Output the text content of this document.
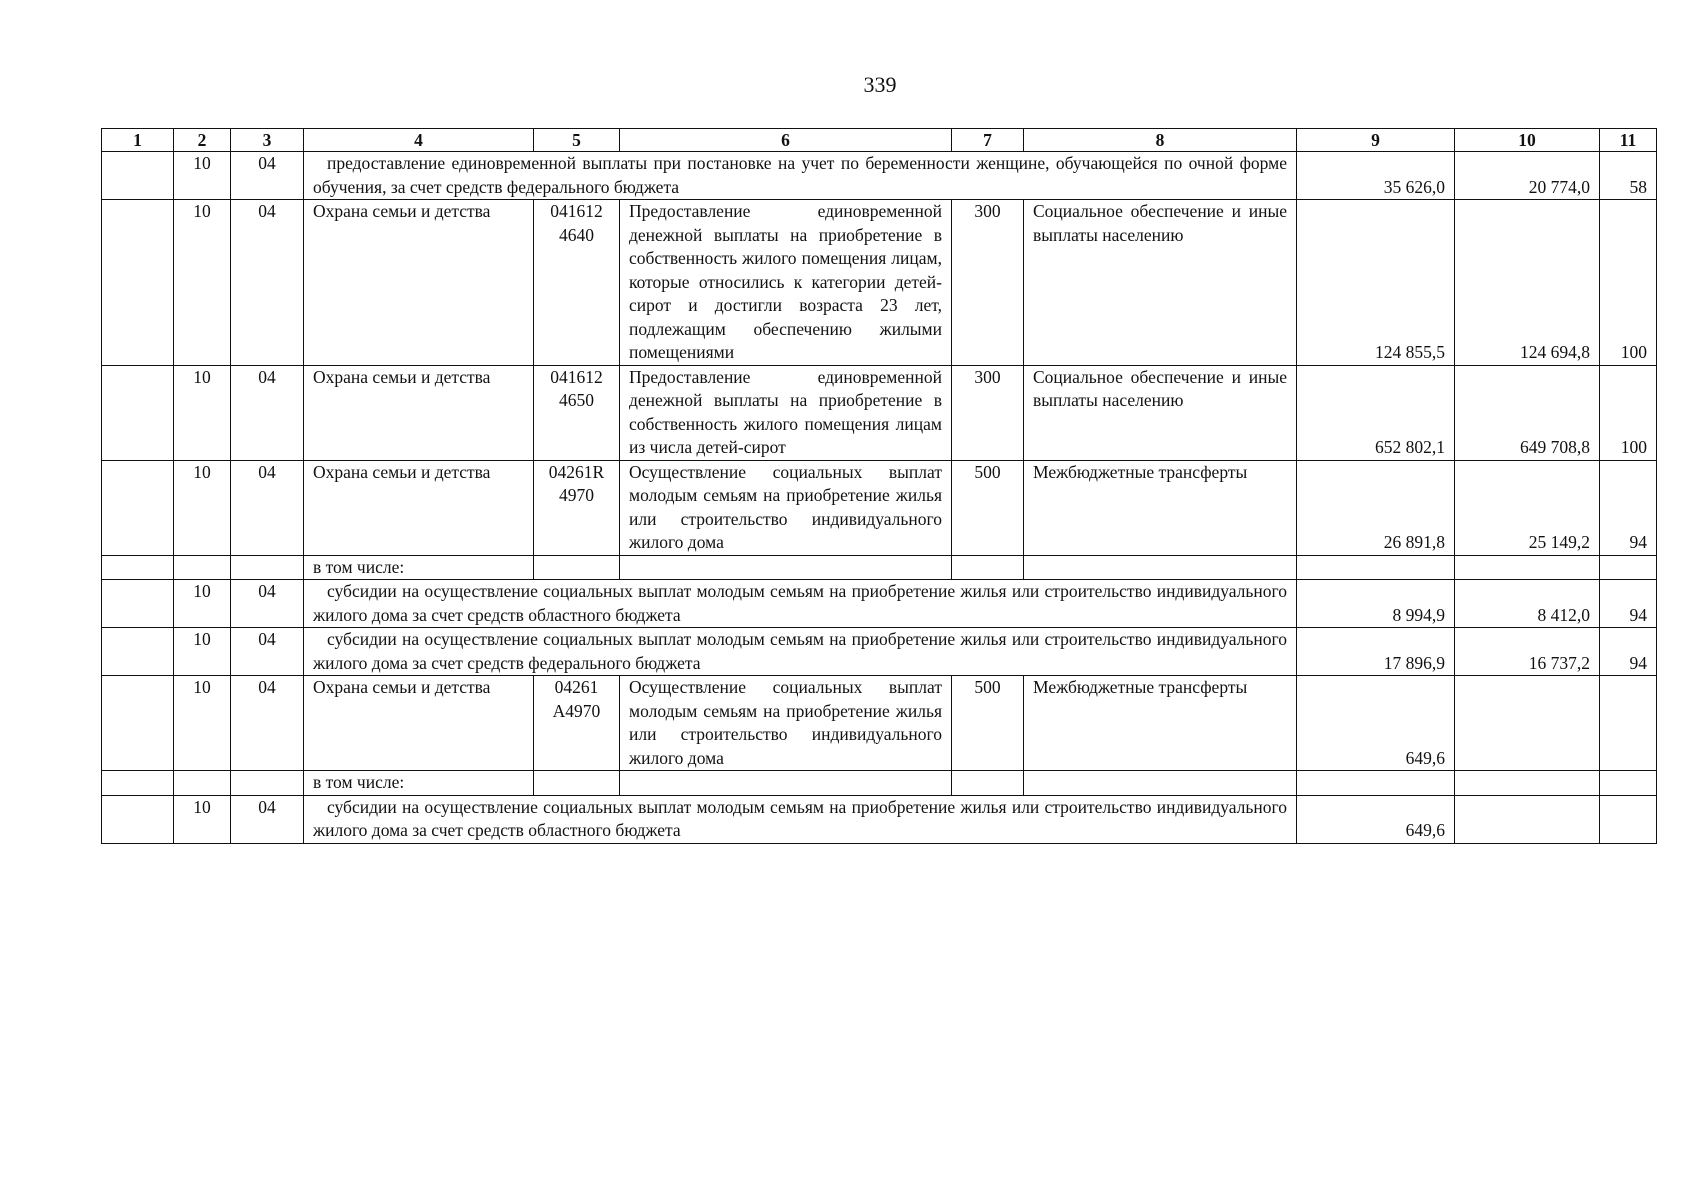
339
1	2	3	4	5	6	7	8	9	10	11
	10	04	предоставление единовременной выплаты при постановке на учет по беременности женщине, обучающейся по очной форме обучения, за счет средств федерального бюджета					35 626,0	20 774,0	58
	10	04	Охрана семьи и детства	041612 4640	Предоставление единовременной денежной выплаты на приобретение в собственность жилого помещения лицам, которые относились к категории детей-сирот и достигли возраста 23 лет, подлежащим обеспечению жилыми помещениями	300	Социальное обеспечение и иные выплаты населению	124 855,5	124 694,8	100
	10	04	Охрана семьи и детства	041612 4650	Предоставление единовременной денежной выплаты на приобретение в собственность жилого помещения лицам из числа детей-сирот	300	Социальное обеспечение и иные выплаты населению	652 802,1	649 708,8	100
	10	04	Охрана семьи и детства	04261R 4970	Осуществление социальных выплат молодым семьям на приобретение жилья или строительство индивидуального жилого дома	500	Межбюджетные трансферты	26 891,8	25 149,2	94
			в том числе:							
	10	04	субсидии на осуществление социальных выплат молодым семьям на приобретение жилья или строительство индивидуального жилого дома за счет средств областного бюджета					8 994,9	8 412,0	94
	10	04	субсидии на осуществление социальных выплат молодым семьям на приобретение жилья или строительство индивидуального жилого дома за счет средств федерального бюджета					17 896,9	16 737,2	94
	10	04	Охрана семьи и детства	04261 А4970	Осуществление социальных выплат молодым семьям на приобретение жилья или строительство индивидуального жилого дома	500	Межбюджетные трансферты	649,6		
			в том числе:							
	10	04	субсидии на осуществление социальных выплат молодым семьям на приобретение жилья или строительство индивидуального жилого дома за счет средств областного бюджета					649,6		
